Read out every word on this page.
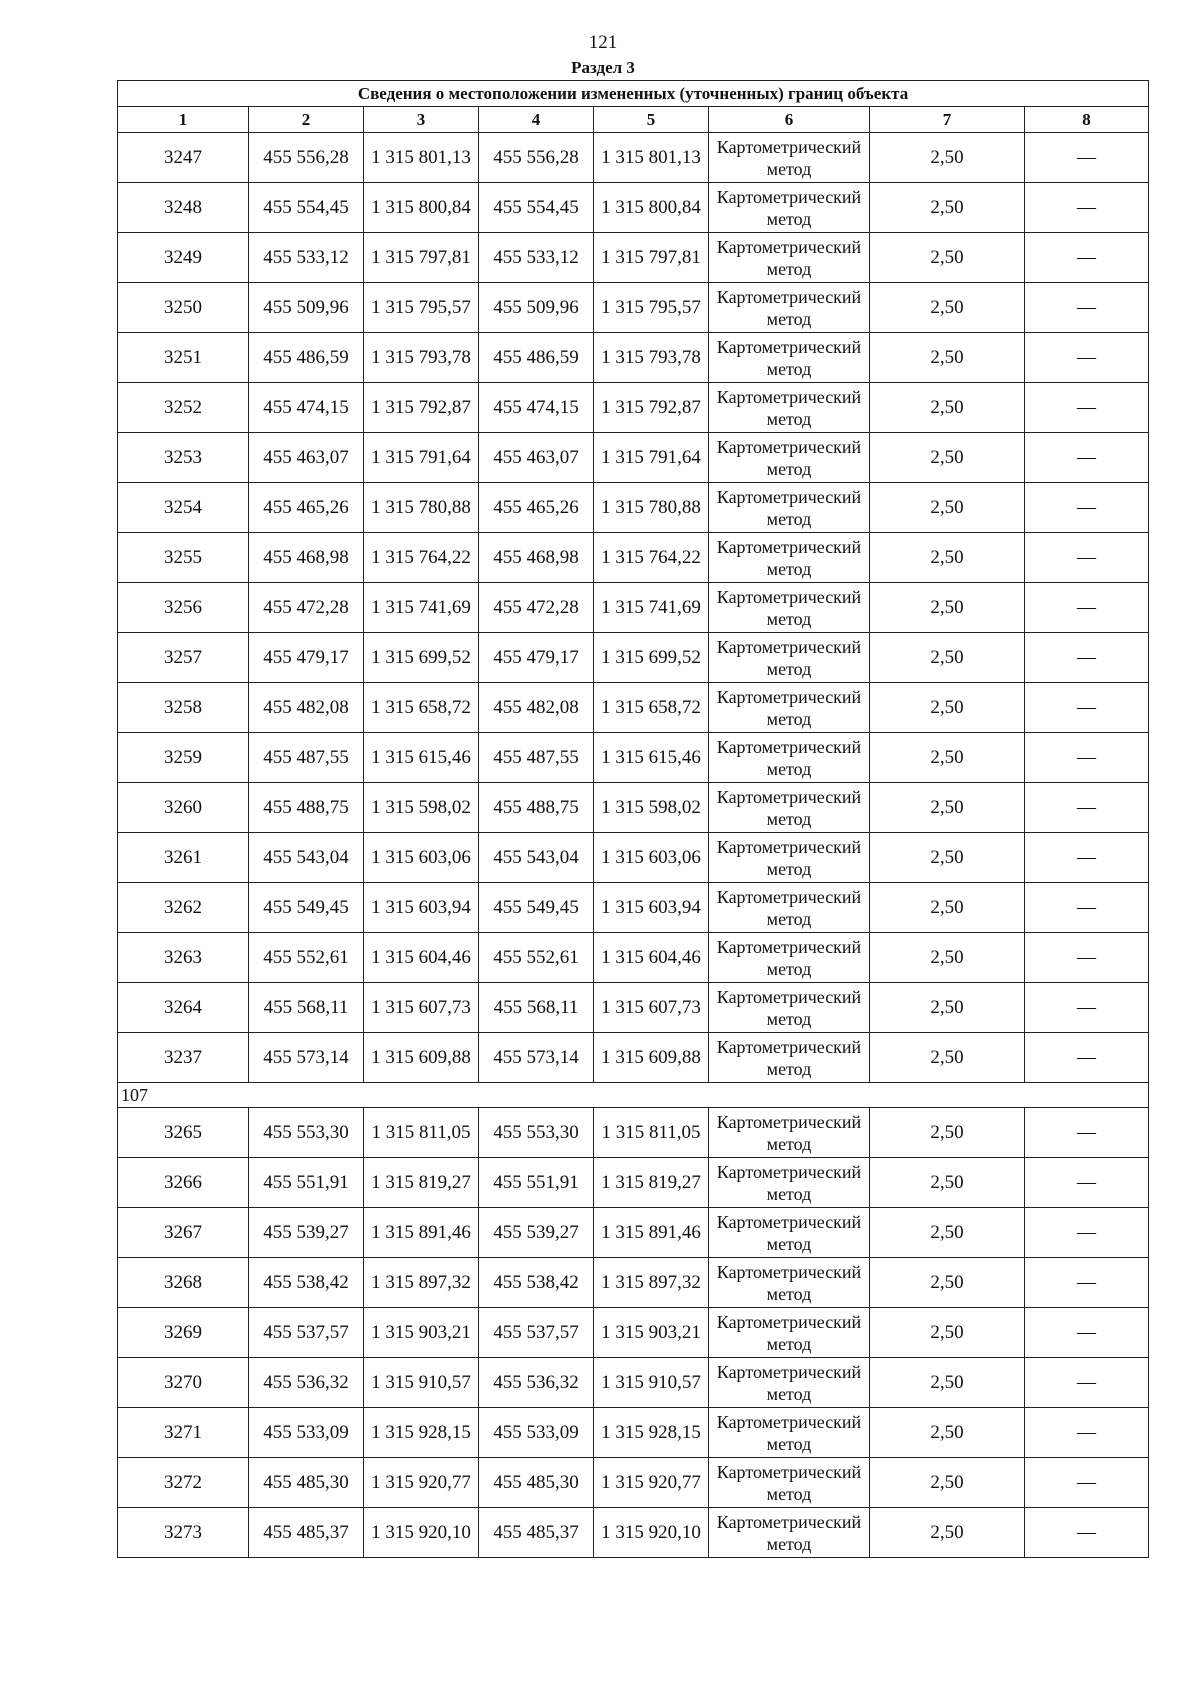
121
Раздел 3
Сведения о местоположении измененных (уточненных) границ объекта							
1	2	3	4	5	6	7	8
3247	455 556,28	1 315 801,13	455 556,28	1 315 801,13	Картометрический метод	2,50	—
3248	455 554,45	1 315 800,84	455 554,45	1 315 800,84	Картометрический метод	2,50	—
3249	455 533,12	1 315 797,81	455 533,12	1 315 797,81	Картометрический метод	2,50	—
3250	455 509,96	1 315 795,57	455 509,96	1 315 795,57	Картометрический метод	2,50	—
3251	455 486,59	1 315 793,78	455 486,59	1 315 793,78	Картометрический метод	2,50	—
3252	455 474,15	1 315 792,87	455 474,15	1 315 792,87	Картометрический метод	2,50	—
3253	455 463,07	1 315 791,64	455 463,07	1 315 791,64	Картометрический метод	2,50	—
3254	455 465,26	1 315 780,88	455 465,26	1 315 780,88	Картометрический метод	2,50	—
3255	455 468,98	1 315 764,22	455 468,98	1 315 764,22	Картометрический метод	2,50	—
3256	455 472,28	1 315 741,69	455 472,28	1 315 741,69	Картометрический метод	2,50	—
3257	455 479,17	1 315 699,52	455 479,17	1 315 699,52	Картометрический метод	2,50	—
3258	455 482,08	1 315 658,72	455 482,08	1 315 658,72	Картометрический метод	2,50	—
3259	455 487,55	1 315 615,46	455 487,55	1 315 615,46	Картометрический метод	2,50	—
3260	455 488,75	1 315 598,02	455 488,75	1 315 598,02	Картометрический метод	2,50	—
3261	455 543,04	1 315 603,06	455 543,04	1 315 603,06	Картометрический метод	2,50	—
3262	455 549,45	1 315 603,94	455 549,45	1 315 603,94	Картометрический метод	2,50	—
3263	455 552,61	1 315 604,46	455 552,61	1 315 604,46	Картометрический метод	2,50	—
3264	455 568,11	1 315 607,73	455 568,11	1 315 607,73	Картометрический метод	2,50	—
3237	455 573,14	1 315 609,88	455 573,14	1 315 609,88	Картометрический метод	2,50	—
107							
3265	455 553,30	1 315 811,05	455 553,30	1 315 811,05	Картометрический метод	2,50	—
3266	455 551,91	1 315 819,27	455 551,91	1 315 819,27	Картометрический метод	2,50	—
3267	455 539,27	1 315 891,46	455 539,27	1 315 891,46	Картометрический метод	2,50	—
3268	455 538,42	1 315 897,32	455 538,42	1 315 897,32	Картометрический метод	2,50	—
3269	455 537,57	1 315 903,21	455 537,57	1 315 903,21	Картометрический метод	2,50	—
3270	455 536,32	1 315 910,57	455 536,32	1 315 910,57	Картометрический метод	2,50	—
3271	455 533,09	1 315 928,15	455 533,09	1 315 928,15	Картометрический метод	2,50	—
3272	455 485,30	1 315 920,77	455 485,30	1 315 920,77	Картометрический метод	2,50	—
3273	455 485,37	1 315 920,10	455 485,37	1 315 920,10	Картометрический метод	2,50	—
